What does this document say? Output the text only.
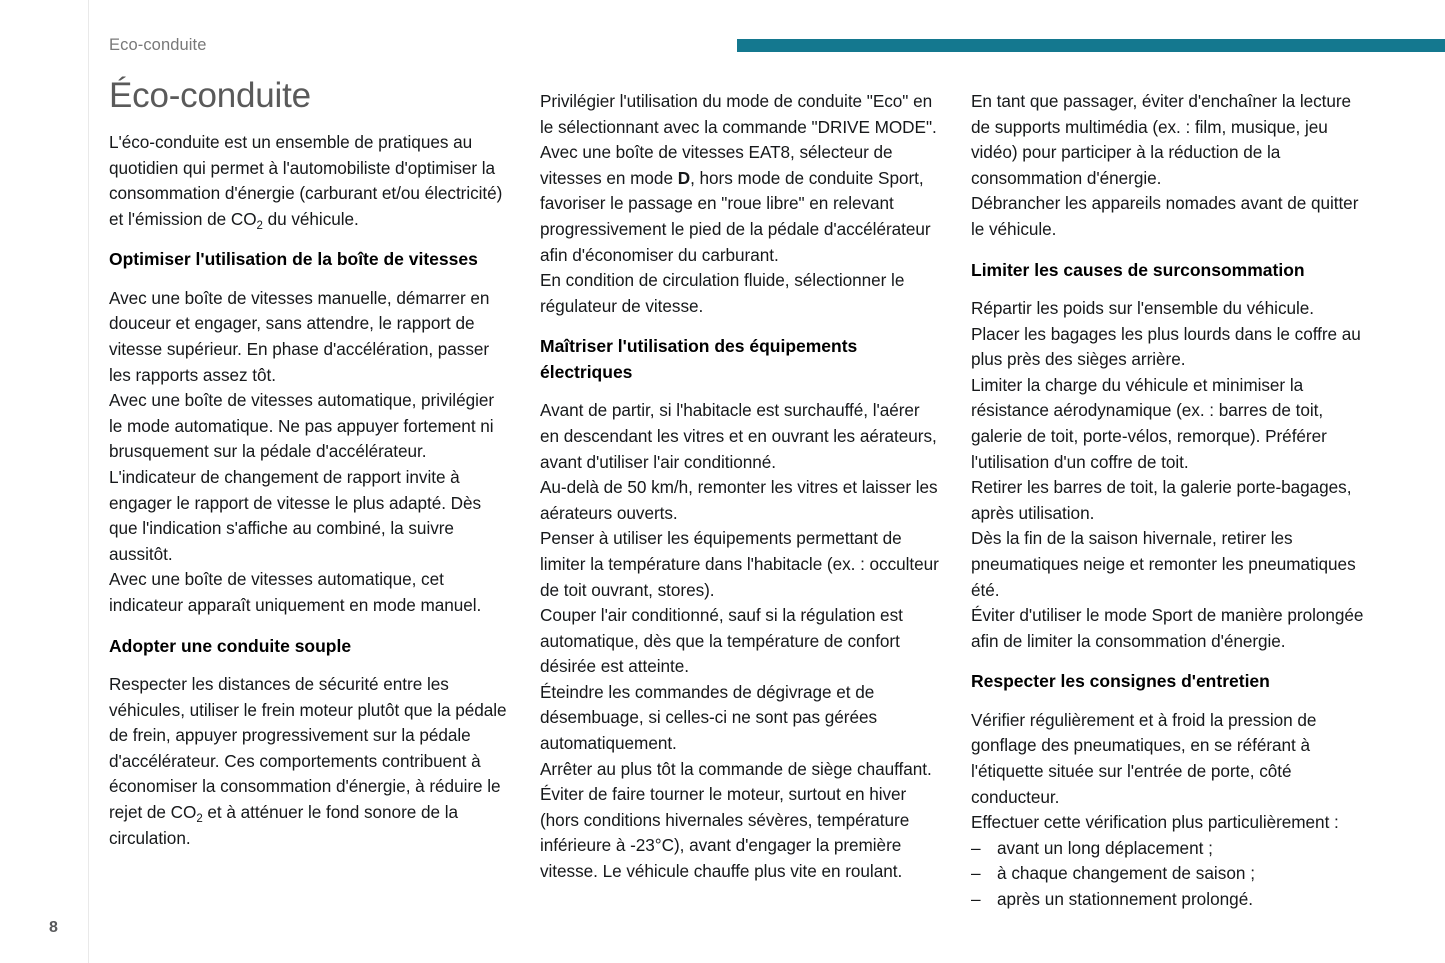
Eco-conduite
Éco-conduite

L'éco-conduite est un ensemble de pratiques au quotidien qui permet à l'automobiliste d'optimiser la consommation d'énergie (carburant et/ou électricité) et l'émission de $CO_2$ du véhicule.

Optimiser l'utilisation de la boîte de vitesses

Avec une boîte de vitesses manuelle, démarrer en douceur et engager, sans attendre, le rapport de vitesse supérieur. En phase d'accélération, passer les rapports assez tôt.

Avec une boîte de vitesses automatique, privilégier le mode automatique. Ne pas appuyer fortement ni brusquement sur la pédale d'accélérateur.

L'indicateur de changement de rapport invite à engager le rapport de vitesse le plus adapté. Dès que l'indication s'affiche au combiné, la suivre aussitôt.

Avec une boîte de vitesses automatique, cet indicateur apparaît uniquement en mode manuel.

Adopter une conduite souple

Respecter les distances de sécurité entre les véhicules, utiliser le frein moteur plutôt que la pédale de frein, appuyer progressivement sur la pédale d'accélérateur. Ces comportements contribuent à économiser la consommation d'énergie, à réduire le rejet de $CO_2$ et à atténuer le fond sonore de la circulation.

Privilégier l'utilisation du mode de conduite "Eco" en le sélectionnant avec la commande "DRIVE MODE".

Avec une boîte de vitesses EAT8, sélecteur de vitesses en mode D, hors mode de conduite Sport, favoriser le passage en "roue libre" en relevant progressivement le pied de la pédale d'accélérateur afin d'économiser du carburant.

En condition de circulation fluide, sélectionner le régulateur de vitesse.

Maîtriser l'utilisation des équipements électriques

Avant de partir, si l'habitacle est surchauffé, l'aérer en descendant les vitres et en ouvrant les aérateurs, avant d'utiliser l'air conditionné.

Au-delà de 50 km/h, remonter les vitres et laisser les aérateurs ouverts.

Penser à utiliser les équipements permettant de limiter la température dans l'habitacle (ex. : occulteur de toit ouvrant, stores).

Couper l'air conditionné, sauf si la régulation est automatique, dès que la température de confort désirée est atteinte.

Éteindre les commandes de dégivrage et de désembuage, si celles-ci ne sont pas gérées automatiquement.

Arrêter au plus tôt la commande de siège chauffant.

Éviter de faire tourner le moteur, surtout en hiver (hors conditions hivernales sévères, température inférieure à -23°C), avant d'engager la première vitesse. Le véhicule chauffe plus vite en roulant.

En tant que passager, éviter d'enchaîner la lecture de supports multimédia (ex. : film, musique, jeu vidéo) pour participer à la réduction de la consommation d'énergie.

Débrancher les appareils nomades avant de quitter le véhicule.

Limiter les causes de surconsommation

Répartir les poids sur l'ensemble du véhicule.

Placer les bagages les plus lourds dans le coffre au plus près des sièges arrière.

Limiter la charge du véhicule et minimiser la résistance aérodynamique (ex. : barres de toit, galerie de toit, porte-vélos, remorque). Préférer l'utilisation d'un coffre de toit.

Retirer les barres de toit, la galerie porte-bagages, après utilisation.

Dès la fin de la saison hivernale, retirer les pneumatiques neige et remonter les pneumatiques été.

Éviter d'utiliser le mode Sport de manière prolongée afin de limiter la consommation d'énergie.

Respecter les consignes d'entretien

Vérifier régulièrement et à froid la pression de gonflage des pneumatiques, en se référant à l'étiquette située sur l'entrée de porte, côté conducteur.

Effectuer cette vérification plus particulièrement :

– avant un long déplacement ;
– à chaque changement de saison ;
– après un stationnement prolongé.
8
